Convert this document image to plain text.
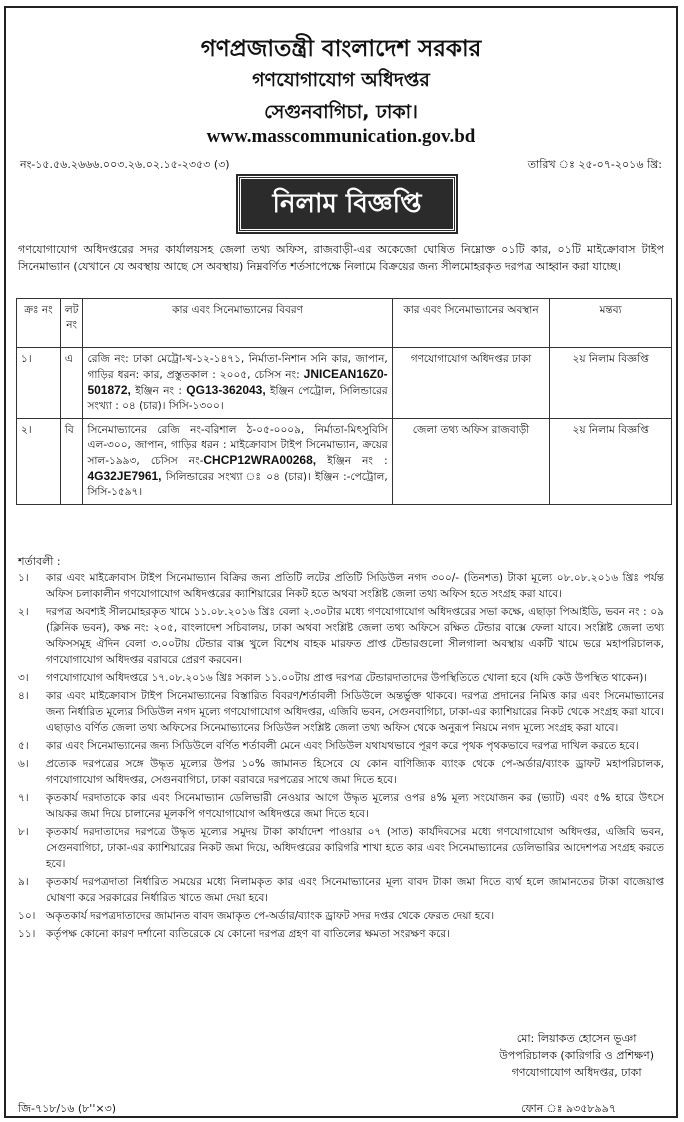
গণপ্রজাতন্ত্রী বাংলাদেশ সরকার
গণযোগাযোগ অধিদপ্তর
সেগুনবাগিচা, ঢাকা।
www.masscommunication.gov.bd
নং-১৫.৫৬.২৬৬৬.০০৩.২৬.০২.১৫-২৩৫৩ (৩)	তারিখ ঃ ২৫-০৭-২০১৬ খ্রি:
নিলাম বিজ্ঞপ্তি
গণযোগাযোগ অধিদপ্তরের সদর কার্যালয়সহ জেলা তথ্য অফিস, রাজবাড়ী-এর অকেজো ঘোষিত নিম্নোক্ত ০১টি কার, ০১টি মাইক্রোবাস টাইপ সিনেমাভ্যান (যেখানে যে অবস্থায় আছে সে অবস্থায়) নিম্নবর্ণিত শর্তসাপেক্ষে নিলামে বিক্রয়ের জন্য সীলমোহরকৃত দরপত্র আহ্বান করা যাচ্ছে।
ক্রঃ নং	লট নং	কার এবং সিনেমাভ্যানের বিবরণ	কার এবং সিনেমাভ্যানের অবস্থান	মন্তব্য
১।	এ	রেজি নং: ঢাকা মেট্রো-খ-১২-১৪৭১, নির্মাতা-নিশান সনি কার, জাপান, গাড়ির ধরন: কার, প্রস্তুতকাল : ২০০৫, চেসিস নং: JNICEAN16Z0-501872, ইঞ্জিন নং : QG13-362043, ইঞ্জিন পেট্রোল, সিলিন্ডারের সংখ্যা : ০৪ (চার)। সিসি-১৩০০।	গণযোগাযোগ অধিদপ্তর ঢাকা	২য় নিলাম বিজ্ঞপ্তি
২।	বি	সিনেমাভ্যানের রেজি নং-বরিশাল ঠ-০৫-০০০৯, নির্মাতা-মিৎসুবিসি এল-৩০০, জাপান, গাড়ির ধরন : মাইক্রোবাস টাইপ সিনেমাভ্যান, ক্রয়ের সাল-১৯৯৩, চেসিস নং-CHCP12WRA00268, ইঞ্জিন নং : 4G32JE7961, সিলিন্ডারের সংখ্যা ঃ ০৪ (চার)। ইঞ্জিন :-পেট্রোল, সিসি-১৫৯৭।	জেলা তথ্য অফিস রাজবাড়ী	২য় নিলাম বিজ্ঞপ্তি
শর্তাবলী :
১। কার এবং মাইক্রোবাস টাইপ সিনেমাভ্যান বিক্রির জন্য প্রতিটি লটের প্রতিটি সিডিউল নগদ ৩০০/- (তিনশত) টাকা মূল্যে ০৮.০৮.২০১৬ খ্রিঃ পর্যন্ত অফিস চলাকালীন গণযোগাযোগ অধিদপ্তরের ক্যাশিয়ারের নিকট হতে অথবা সংশ্লিষ্ট জেলা তথ্য অফিস হতে সংগ্রহ করা যাবে।
২। দরপত্র অবশ্যই সীলমোহরকৃত খামে ১১.০৮.২০১৬ খ্রিঃ বেলা ২.৩০টার মধ্যে গণযোগাযোগ অধিদপ্তরের সভা কক্ষে, এছাড়া পিআইডি, ভবন নং : ০৯ (ক্লিনিক ভবন), কক্ষ নং: ২০৫, বাংলাদেশ সচিবালয়, ঢাকা অথবা সংশ্লিষ্ট জেলা তথ্য অফিসে রক্ষিত টেন্ডার বাক্সে ফেলা যাবে। সংশ্লিষ্ট জেলা তথ্য অফিসসমূহ ঐদিন বেলা ৩.০০টায় টেন্ডার বাক্স খুলে বিশেষ বাহক মারফত প্রাপ্ত টেন্ডারগুলো সীলগালা অবস্থায় একটি খামে ভরে মহাপরিচালক, গণযোগাযোগ অধিদপ্তর বরাবরে প্রেরণ করবেন।
৩। গণযোগাযোগ অধিদপ্তরে ১৭.০৮.২০১৬ খ্রিঃ সকাল ১১.০০টায় প্রাপ্ত দরপত্র টেন্ডারদাতাদের উপস্থিতিতে খোলা হবে (যদি কেউ উপস্থিত থাকেন)।
৪। কার এবং মাইক্রোবাস টাইপ সিনেমাভ্যানের বিস্তারিত বিবরণ/শর্তাবলী সিডিউলে অন্তর্ভুক্ত থাকবে। দরপত্র প্রদানের নিমিত্ত কার এবং সিনেমাভ্যানের জন্য নির্ধারিত মূল্যের সিডিউল নগদ মূল্যে গণযোগাযোগ অধিদপ্তর, এজিবি ভবন, সেগুনবাগিচা, ঢাকা-এর ক্যাশিয়ারের নিকট থেকে সংগ্রহ করা যাবে। এছাড়াও বর্ণিত জেলা তথ্য অফিসের সিনেমাভ্যানের সিডিউল সংশ্লিষ্ট জেলা তথ্য অফিস থেকে অনুরূপ নিয়মে নগদ মূল্যে সংগ্রহ করা যাবে।
৫। কার এবং সিনেমাভ্যানের জন্য সিডিউলে বর্ণিত শর্তাবলী মেনে এবং সিডিউল যথাযথভাবে পূরণ করে পৃথক পৃথকভাবে দরপত্র দাখিল করতে হবে।
৬। প্রত্যেক দরপত্রের সঙ্গে উদ্ধৃত মূল্যের উপর ১০% জামানত হিসেবে যে কোন বাণিজ্যিক ব্যাংক থেকে পে-অর্ডার/ব্যাংক ড্রাফট মহাপরিচালক, গণযোগাযোগ অধিদপ্তর, সেগুনবাগিচা, ঢাকা বরাবরে দরপত্রের সাথে জমা দিতে হবে।
৭। কৃতকার্য দরদাতাকে কার এবং সিনেমাভ্যান ডেলিভারী নেওয়ার আগে উদ্ধৃত মূল্যের ওপর ৪% মূল্য সংযোজন কর (ভ্যাট) এবং ৫% হারে উৎসে আয়কর জমা দিয়ে চালানের মূলকপি গণযোগাযোগ অধিদপ্তরে জমা দিতে হবে।
৮। কৃতকার্য দরদাতাদের দরপত্রে উদ্ধৃত মূল্যের সমুদয় টাকা কার্যাদেশ পাওয়ার ০৭ (সাত) কার্যদিবসের মধ্যে গণযোগাযোগ অধিদপ্তর, এজিবি ভবন, সেগুনবাগিচা, ঢাকা-এর ক্যাশিয়ারের নিকট জমা দিয়ে, অধিদপ্তরের কারিগরি শাখা হতে কার এবং সিনেমাভ্যানের ডেলিভারির আদেশপত্র সংগ্রহ করতে হবে।
৯। কৃতকার্য দরপত্রদাতা নির্ধারিত সময়ের মধ্যে নিলামকৃত কার এবং সিনেমাভ্যানের মূল্য বাবদ টাকা জমা দিতে ব্যর্থ হলে জামানতের টাকা বাজেয়াপ্ত ঘোষণা করে সরকারের নির্ধারিত খাতে জমা দেয়া হবে।
১০। অকৃতকার্য দরপত্রদাতাদের জামানত বাবদ জমাকৃত পে-অর্ডার/ব্যাংক ড্রাফট সদর দপ্তর থেকে ফেরত দেয়া হবে।
১১। কর্তৃপক্ষ কোনো কারণ দর্শানো ব্যতিরেকে যে কোনো দরপত্র গ্রহণ বা বাতিলের ক্ষমতা সংরক্ষণ করে।
মো: লিয়াকত হোসেন ভূঞা
উপপরিচালক (কারিগরি ও প্রশিক্ষণ)
গণযোগাযোগ অধিদপ্তর, ঢাকা
জি-৭১৮/১৬ (৮''×৩)	ফোন ঃ ৯৩৫৮৯৯৭
